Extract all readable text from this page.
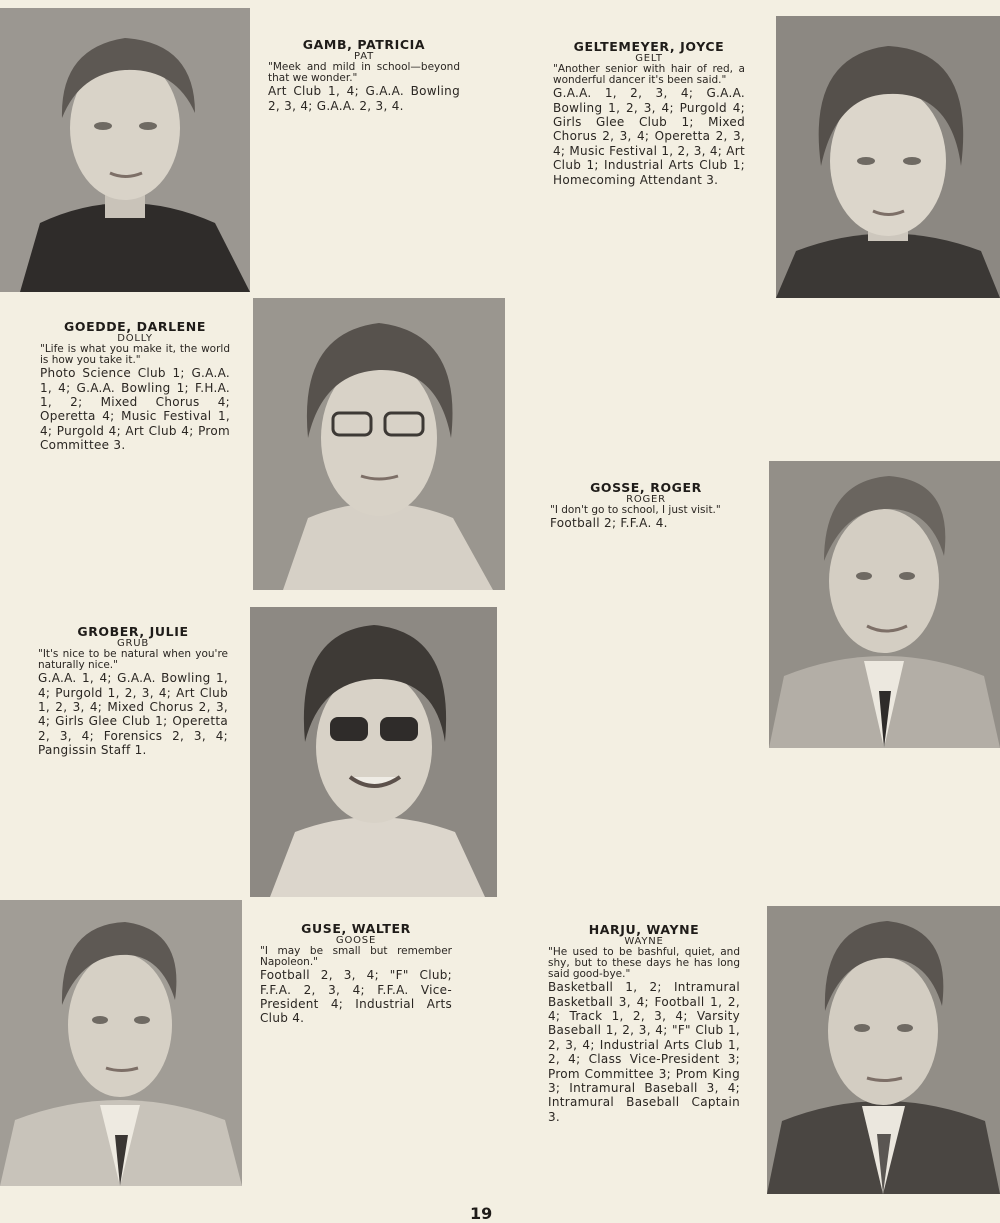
GAMB, PATRICIA
PAT
"Meek and mild in school—beyond that we wonder."
Art Club 1, 4; G.A.A. Bowling 2, 3, 4; G.A.A. 2, 3, 4.
GELTEMEYER, JOYCE
GELT
"Another senior with hair of red, a wonderful dancer it's been said."
G.A.A. 1, 2, 3, 4; G.A.A. Bowling 1, 2, 3, 4; Purgold 4; Girls Glee Club 1; Mixed Chorus 2, 3, 4; Operetta 2, 3, 4; Music Festival 1, 2, 3, 4; Art Club 1; Industrial Arts Club 1; Homecoming Attendant 3.
GOEDDE, DARLENE
DOLLY
"Life is what you make it, the world is how you take it."
Photo Science Club 1; G.A.A. 1, 4; G.A.A. Bowling 1; F.H.A. 1, 2; Mixed Chorus 4; Operetta 4; Music Festival 1, 4; Purgold 4; Art Club 4; Prom Committee 3.
GOSSE, ROGER
ROGER
"I don't go to school, I just visit."
Football 2; F.F.A. 4.
GROBER, JULIE
GRUB
"It's nice to be natural when you're naturally nice."
G.A.A. 1, 4; G.A.A. Bowling 1, 4; Purgold 1, 2, 3, 4; Art Club 1, 2, 3, 4; Mixed Chorus 2, 3, 4; Girls Glee Club 1; Operetta 2, 3, 4; Forensics 2, 3, 4; Pangissin Staff 1.
GUSE, WALTER
GOOSE
"I may be small but remember Napoleon."
Football 2, 3, 4; "F" Club; F.F.A. 2, 3, 4; F.F.A. Vice-President 4; Industrial Arts Club 4.
HARJU, WAYNE
WAYNE
"He used to be bashful, quiet, and shy, but to these days he has long said good-bye."
Basketball 1, 2; Intramural Basketball 3, 4; Football 1, 2, 4; Track 1, 2, 3, 4; Varsity Baseball 1, 2, 3, 4; "F" Club 1, 2, 3, 4; Industrial Arts Club 1, 2, 4; Class Vice-President 3; Prom Committee 3; Prom King 3; Intramural Baseball 3, 4; Intramural Baseball Captain 3.
19
